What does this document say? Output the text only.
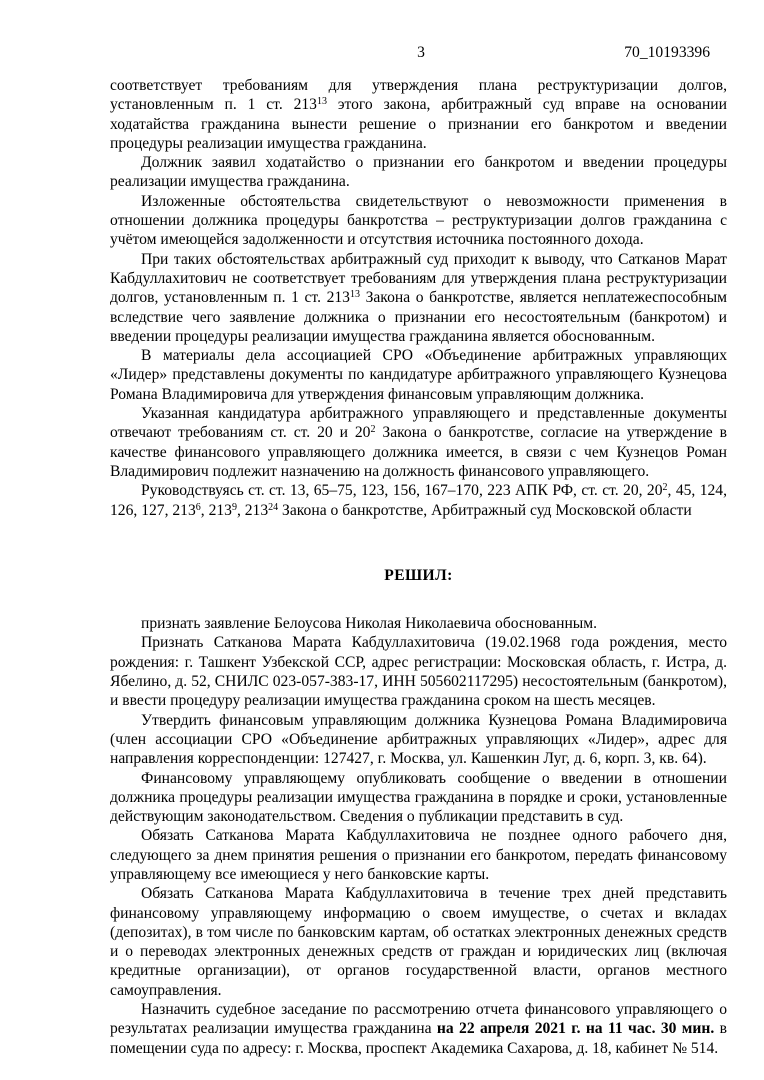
3	70_10193396

соответствует требованиям для утверждения плана реструктуризации долгов, установленным п. 1 ст. $213^{13}$ этого закона, арбитражный суд вправе на основании ходатайства гражданина вынести решение о признании его банкротом и введении процедуры реализации имущества гражданина.

Должник заявил ходатайство о признании его банкротом и введении процедуры реализации имущества гражданина.

Изложенные обстоятельства свидетельствуют о невозможности применения в отношении должника процедуры банкротства – реструктуризации долгов гражданина с учётом имеющейся задолженности и отсутствия источника постоянного дохода.

При таких обстоятельствах арбитражный суд приходит к выводу, что Сатканов Марат Кабдуллахитович не соответствует требованиям для утверждения плана реструктуризации долгов, установленным п. 1 ст. $213^{13}$ Закона о банкротстве, является неплатежеспособным вследствие чего заявление должника о признании его несостоятельным (банкротом) и введении процедуры реализации имущества гражданина является обоснованным.

В материалы дела ассоциацией СРО «Объединение арбитражных управляющих «Лидер» представлены документы по кандидатуре арбитражного управляющего Кузнецова Романа Владимировича для утверждения финансовым управляющим должника.

Указанная кандидатура арбитражного управляющего и представленные документы отвечают требованиям ст. ст. 20 и $20^2$ Закона о банкротстве, согласие на утверждение в качестве финансового управляющего должника имеется, в связи с чем Кузнецов Роман Владимирович подлежит назначению на должность финансового управляющего.

Руководствуясь ст. ст. 13, 65–75, 123, 156, 167–170, 223 АПК РФ, ст. ст. 20, $20^2$, 45, 124, 126, 127, $213^6$, $213^9$, $213^{24}$ Закона о банкротстве, Арбитражный суд Московской области

РЕШИЛ:

признать заявление Белоусова Николая Николаевича обоснованным.

Признать Сатканова Марата Кабдуллахитовича (19.02.1968 года рождения, место рождения: г. Ташкент Узбекской ССР, адрес регистрации: Московская область, г. Истра, д. Ябелино, д. 52, СНИЛС 023-057-383-17, ИНН 505602117295) несостоятельным (банкротом), и ввести процедуру реализации имущества гражданина сроком на шесть месяцев.

Утвердить финансовым управляющим должника Кузнецова Романа Владимировича (член ассоциации СРО «Объединение арбитражных управляющих «Лидер», адрес для направления корреспонденции: 127427, г. Москва, ул. Кашенкин Луг, д. 6, корп. 3, кв. 64).

Финансовому управляющему опубликовать сообщение о введении в отношении должника процедуры реализации имущества гражданина в порядке и сроки, установленные действующим законодательством. Сведения о публикации представить в суд.

Обязать Сатканова Марата Кабдуллахитовича не позднее одного рабочего дня, следующего за днем принятия решения о признании его банкротом, передать финансовому управляющему все имеющиеся у него банковские карты.

Обязать Сатканова Марата Кабдуллахитовича в течение трех дней представить финансовому управляющему информацию о своем имуществе, о счетах и вкладах (депозитах), в том числе по банковским картам, об остатках электронных денежных средств и о переводах электронных денежных средств от граждан и юридических лиц (включая кредитные организации), от органов государственной власти, органов местного самоуправления.

Назначить судебное заседание по рассмотрению отчета финансового управляющего о результатах реализации имущества гражданина на 22 апреля 2021 г. на 11 час. 30 мин. в помещении суда по адресу: г. Москва, проспект Академика Сахарова, д. 18, кабинет № 514.
